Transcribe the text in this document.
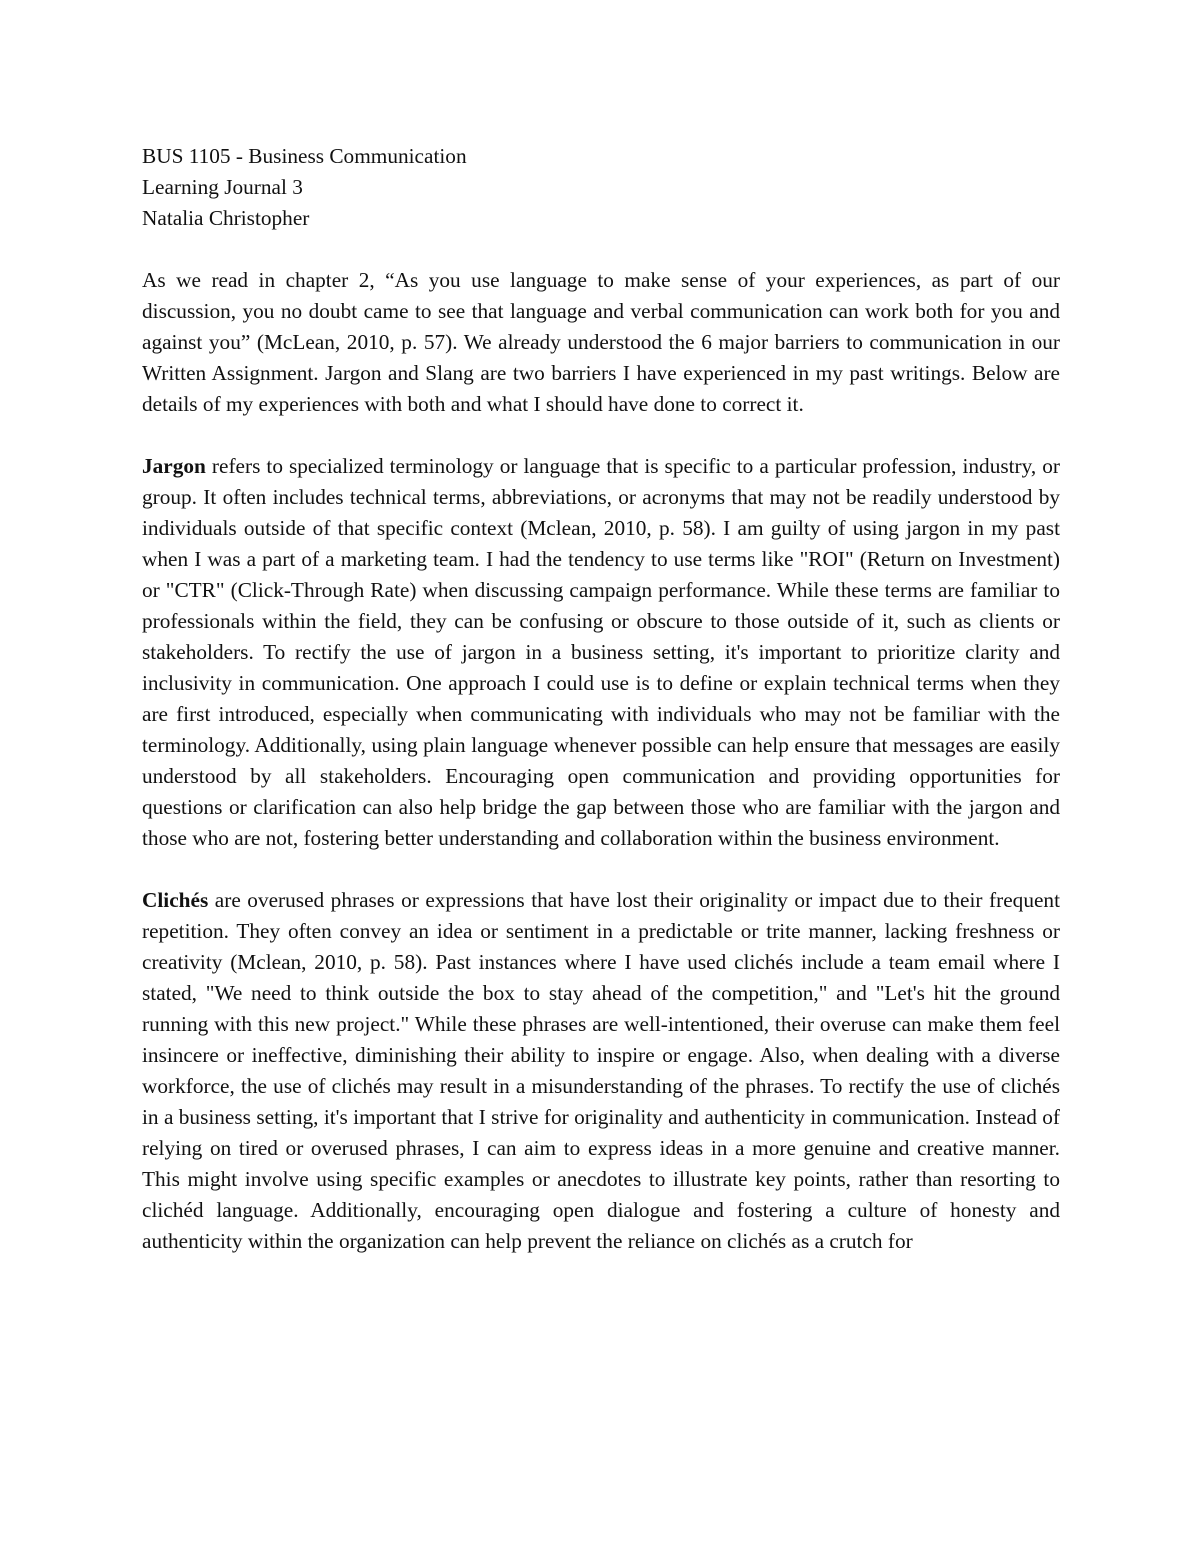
BUS 1105 - Business Communication
Learning Journal 3
Natalia Christopher

As we read in chapter 2, “As you use language to make sense of your experiences, as part of our discussion, you no doubt came to see that language and verbal communication can work both for you and against you” (McLean, 2010, p. 57). We already understood the 6 major barriers to communication in our Written Assignment. Jargon and Slang are two barriers I have experienced in my past writings. Below are details of my experiences with both and what I should have done to correct it.

Jargon refers to specialized terminology or language that is specific to a particular profession, industry, or group. It often includes technical terms, abbreviations, or acronyms that may not be readily understood by individuals outside of that specific context (Mclean, 2010, p. 58). I am guilty of using jargon in my past when I was a part of a marketing team. I had the tendency to use terms like "ROI" (Return on Investment) or "CTR" (Click-Through Rate) when discussing campaign performance. While these terms are familiar to professionals within the field, they can be confusing or obscure to those outside of it, such as clients or stakeholders. To rectify the use of jargon in a business setting, it's important to prioritize clarity and inclusivity in communication. One approach I could use is to define or explain technical terms when they are first introduced, especially when communicating with individuals who may not be familiar with the terminology. Additionally, using plain language whenever possible can help ensure that messages are easily understood by all stakeholders. Encouraging open communication and providing opportunities for questions or clarification can also help bridge the gap between those who are familiar with the jargon and those who are not, fostering better understanding and collaboration within the business environment.

Clichés are overused phrases or expressions that have lost their originality or impact due to their frequent repetition. They often convey an idea or sentiment in a predictable or trite manner, lacking freshness or creativity (Mclean, 2010, p. 58). Past instances where I have used clichés include a team email where I stated, "We need to think outside the box to stay ahead of the competition," and "Let's hit the ground running with this new project." While these phrases are well-intentioned, their overuse can make them feel insincere or ineffective, diminishing their ability to inspire or engage. Also, when dealing with a diverse workforce, the use of clichés may result in a misunderstanding of the phrases. To rectify the use of clichés in a business setting, it's important that I strive for originality and authenticity in communication. Instead of relying on tired or overused phrases, I can aim to express ideas in a more genuine and creative manner. This might involve using specific examples or anecdotes to illustrate key points, rather than resorting to clichéd language. Additionally, encouraging open dialogue and fostering a culture of honesty and authenticity within the organization can help prevent the reliance on clichés as a crutch for
